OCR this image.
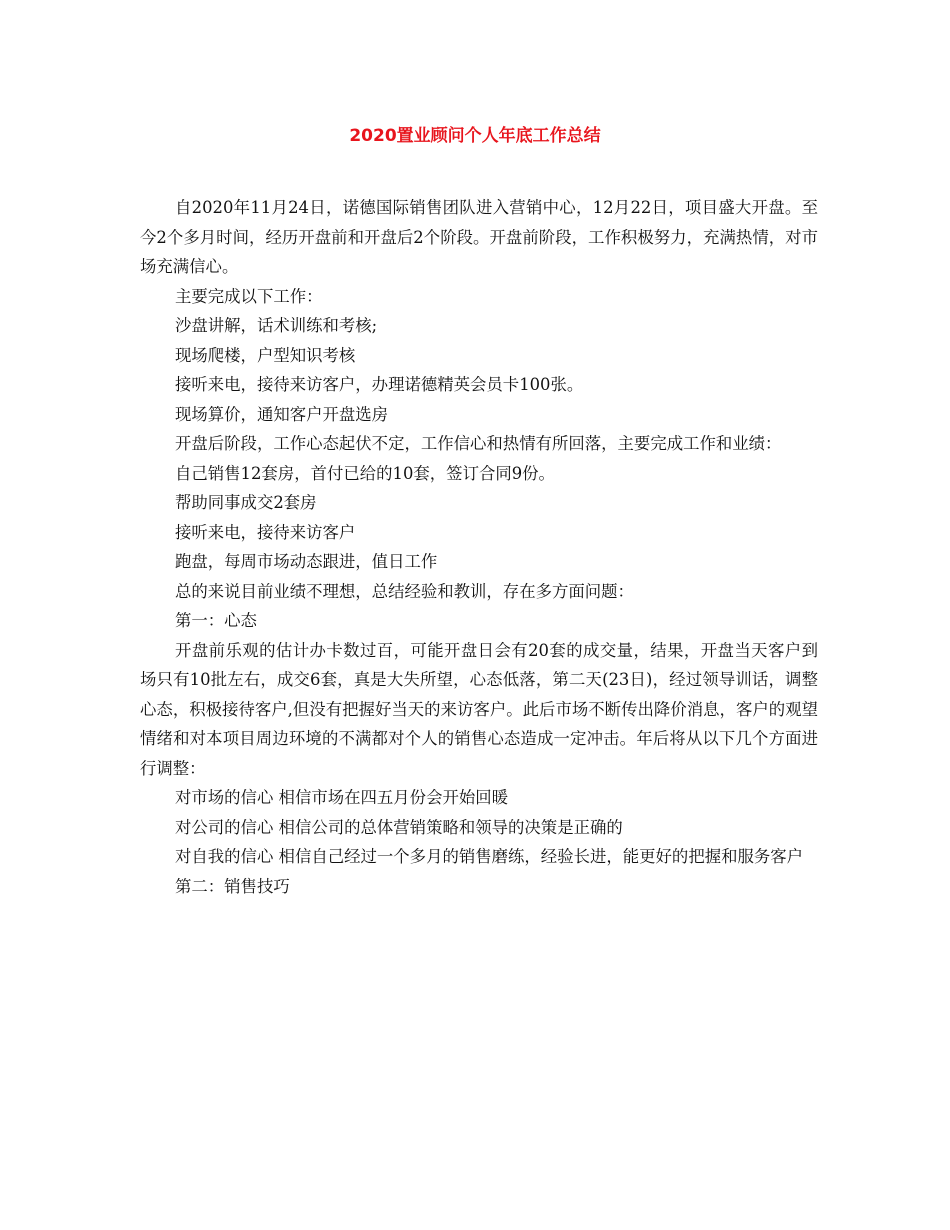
2020置业顾问个人年底工作总结

自2020年11月24日，诺德国际销售团队进入营销中心，12月22日，项目盛大开盘。至今2个多月时间，经历开盘前和开盘后2个阶段。开盘前阶段，工作积极努力，充满热情，对市场充满信心。

主要完成以下工作：

沙盘讲解，话术训练和考核;

现场爬楼，户型知识考核

接听来电，接待来访客户，办理诺德精英会员卡100张。

现场算价，通知客户开盘选房

开盘后阶段，工作心态起伏不定，工作信心和热情有所回落，主要完成工作和业绩：

自己销售12套房，首付已给的10套，签订合同9份。

帮助同事成交2套房

接听来电，接待来访客户

跑盘，每周市场动态跟进，值日工作

总的来说目前业绩不理想，总结经验和教训，存在多方面问题：

第一：心态

开盘前乐观的估计办卡数过百，可能开盘日会有20套的成交量，结果，开盘当天客户到场只有10批左右，成交6套，真是大失所望，心态低落，第二天(23日)，经过领导训话，调整心态，积极接待客户,但没有把握好当天的来访客户。此后市场不断传出降价消息，客户的观望情绪和对本项目周边环境的不满都对个人的销售心态造成一定冲击。年后将从以下几个方面进行调整：

对市场的信心 相信市场在四五月份会开始回暖

对公司的信心 相信公司的总体营销策略和领导的决策是正确的

对自我的信心 相信自己经过一个多月的销售磨练，经验长进，能更好的把握和服务客户

第二：销售技巧
